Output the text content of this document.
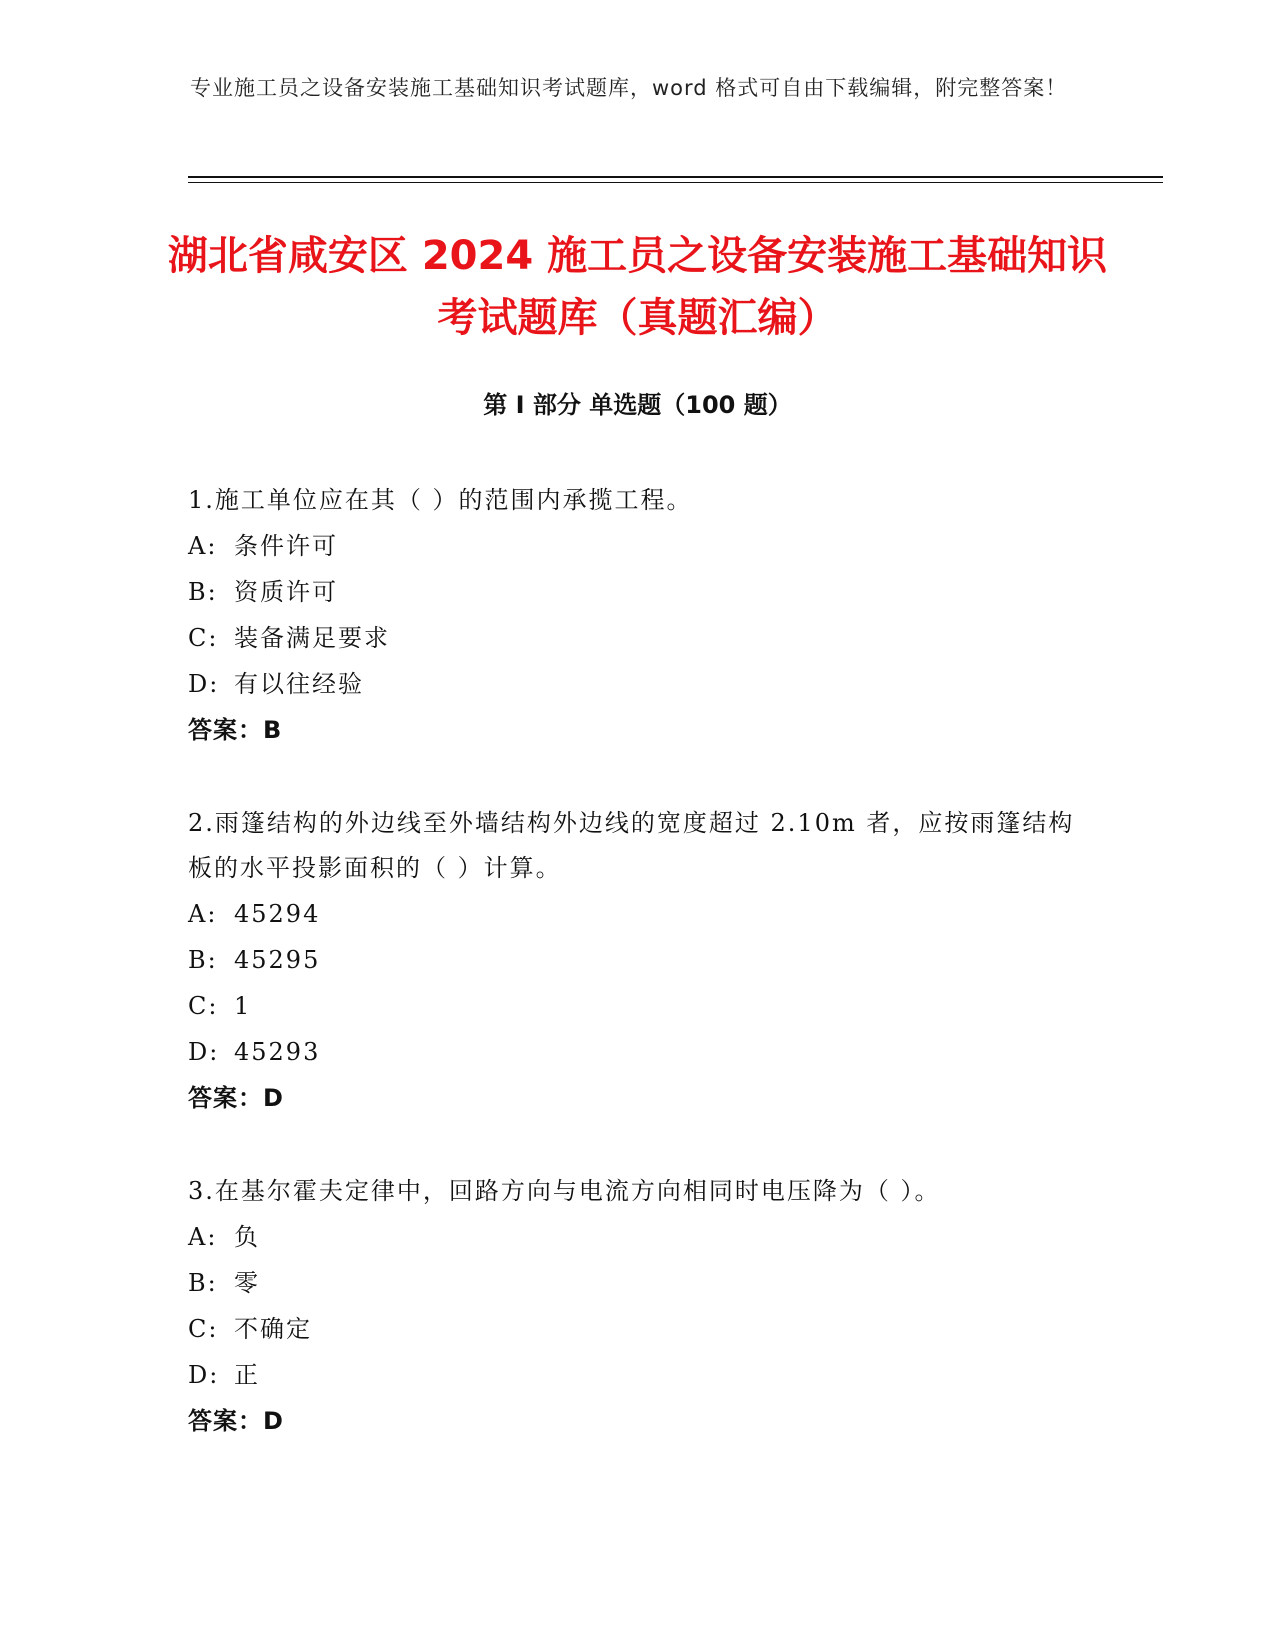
专业施工员之设备安装施工基础知识考试题库，word 格式可自由下载编辑，附完整答案！
湖北省咸安区 2024 施工员之设备安装施工基础知识考试题库（真题汇编）
第 I 部分 单选题（100 题）

1.施工单位应在其（ ）的范围内承揽工程。

A: 条件许可
B: 资质许可
C: 装备满足要求
D: 有以往经验
答案：B

2.雨篷结构的外边线至外墙结构外边线的宽度超过 2.10m 者，应按雨篷结构板的水平投影面积的（ ）计算。

A: 45294
B: 45295
C: 1
D: 45293
答案：D

3.在基尔霍夫定律中，回路方向与电流方向相同时电压降为（ ）。

A: 负
B: 零
C: 不确定
D: 正
答案：D
